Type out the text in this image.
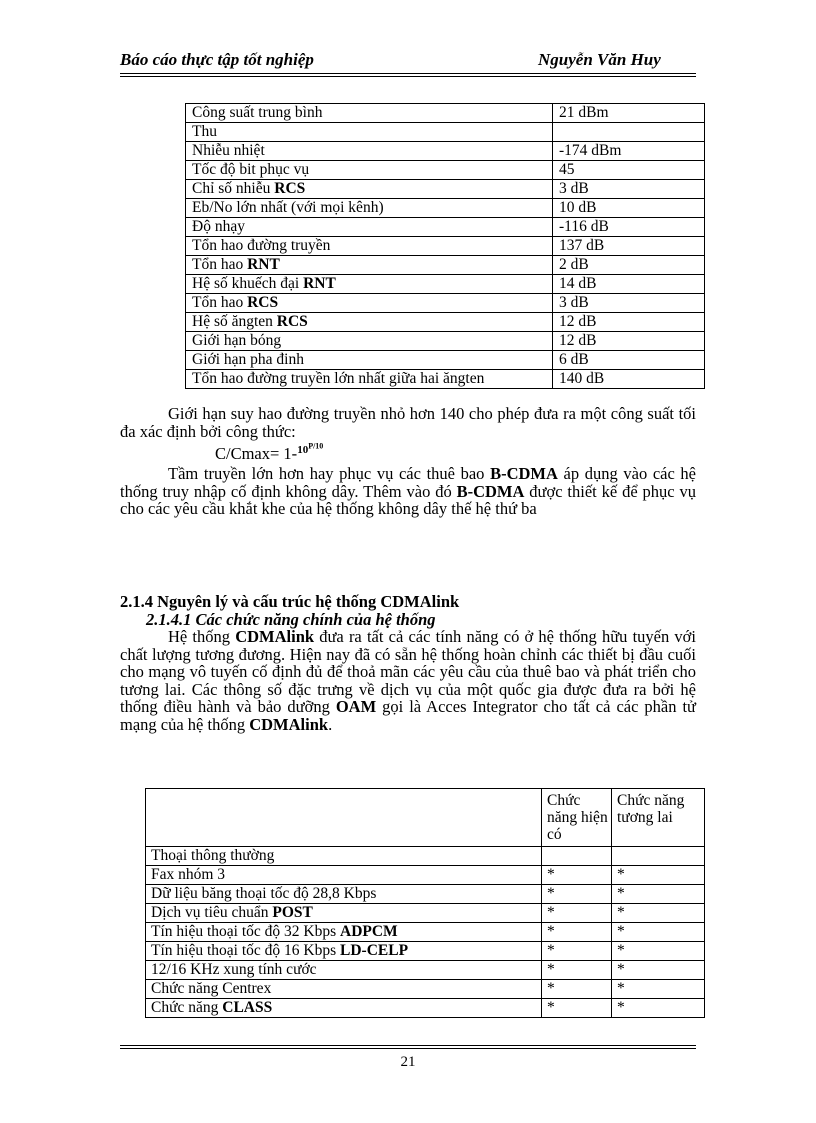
Báo cáo thực tập tốt nghiệp	Nguyễn Văn Huy
Công suất trung bình	21 dBm
Thu	
Nhiễu nhiệt	-174 dBm
Tốc độ bit phục vụ	45
Chỉ số nhiễu RCS	3 dB
Eb/No lớn nhất (với mọi kênh)	10 dB
Độ nhạy	-116 dB
Tổn hao đường truyền	137 dB
Tổn hao RNT	2 dB
Hệ số khuếch đại RNT	14 dB
Tổn hao RCS	3 dB
Hệ số ăngten RCS	12 dB
Giới hạn bóng	12 dB
Giới hạn pha đinh	6 dB
Tổn hao đường truyền lớn nhất giữa hai ăngten	140 dB
Giới hạn suy hao đường truyền nhỏ hơn 140 cho phép đưa ra một công suất tối đa xác định bởi công thức:
C/Cmax= 1-$^{10^{P/10}}$
Tầm truyền lớn hơn hay phục vụ các thuê bao B-CDMA áp dụng vào các hệ thống truy nhập cố định không dây. Thêm vào đó B-CDMA được thiết kế để phục vụ cho các yêu cầu khắt khe của hệ thống không dây thế hệ thứ ba
2.1.4 Nguyên lý và cấu trúc hệ thống CDMAlink
2.1.4.1 Các chức năng chính của hệ thống
Hệ thống CDMAlink đưa ra tất cả các tính năng có ở hệ thống hữu tuyến với chất lượng tương đương. Hiện nay đã có sẵn hệ thống hoàn chỉnh các thiết bị đầu cuối cho mạng vô tuyến cố định đủ để thoả mãn các yêu cầu của thuê bao và phát triển cho tương lai. Các thông số đặc trưng về dịch vụ của một quốc gia được đưa ra bởi hệ thống điều hành và bảo dưỡng OAM gọi là Acces Integrator cho tất cả các phần tử mạng của hệ thống CDMAlink.
	Chức năng hiện có	Chức năng tương lai
Thoại thông thường		
Fax nhóm 3	*	*
Dữ liệu băng thoại tốc độ 28,8 Kbps	*	*
Dịch vụ tiêu chuẩn POST	*	*
Tín hiệu thoại tốc độ 32 Kbps ADPCM	*	*
Tín hiệu thoại tốc độ 16 Kbps LD-CELP	*	*
12/16 KHz xung tính cước	*	*
Chức năng Centrex	*	*
Chức năng CLASS	*	*
21
